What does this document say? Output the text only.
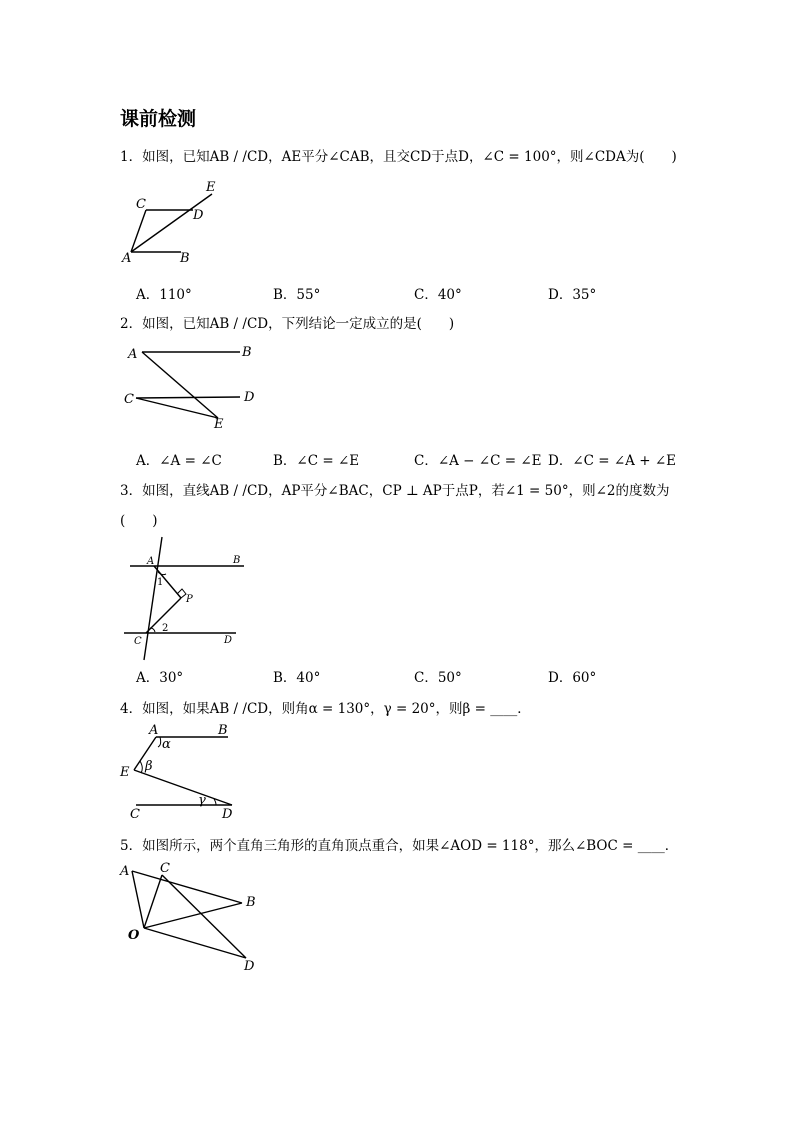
课前检测
1．如图，已知AB / /CD，AE平分∠CAB，且交CD于点D，∠C = 100°，则∠CDA为(　　)
A	B
C
D
E
A．110°	B．55°	C．40°	D．35°
2．如图，已知AB / /CD，下列结论一定成立的是(　　)
A	B
C	D
E
A．∠A = ∠C	B．∠C = ∠E	C．∠A − ∠C = ∠E D．∠C = ∠A + ∠E
3．如图，直线AB / /CD，AP平分∠BAC，CP ⊥ AP于点P，若∠1 = 50°，则∠2的度数为
(　　)
A	B
C	D
P
1
2
A．30°	B．40°	C．50°	D．60°
4．如图，如果AB / /CD，则角α = 130°，γ = 20°，则β = ____．
A	B
E
C	D
α
β
γ
5．如图所示，两个直角三角形的直角顶点重合，如果∠AOD = 118°，那么∠BOC = ____．
A C
B
O
D
